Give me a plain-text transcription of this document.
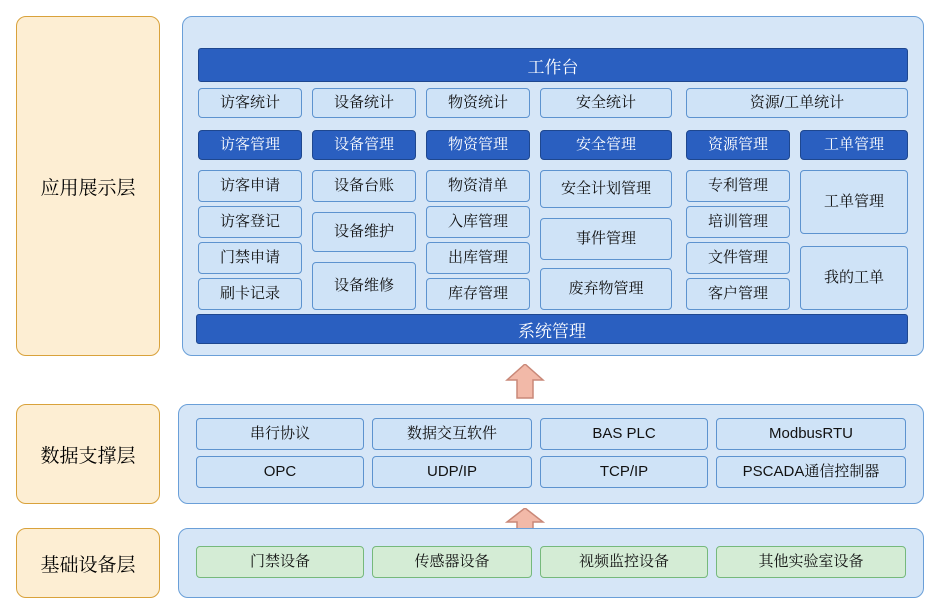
应用展示层
数据支撑层
基础设备层
工作台
访客统计	设备统计	物资统计	安全统计	资源/工单统计
访客管理	设备管理	物资管理	安全管理	资源管理	工单管理
访客申请
访客登记
门禁申请
刷卡记录
设备台账
设备维护
设备维修
物资清单
入库管理
出库管理
库存管理
安全计划管理
事件管理
废弃物管理
专利管理
培训管理
文件管理
客户管理
工单管理
我的工单
系统管理
串行协议	数据交互软件	BAS PLC	ModbusRTU
OPC	UDP/IP	TCP/IP	PSCADA通信控制器
门禁设备	传感器设备	视频监控设备	其他实验室设备
